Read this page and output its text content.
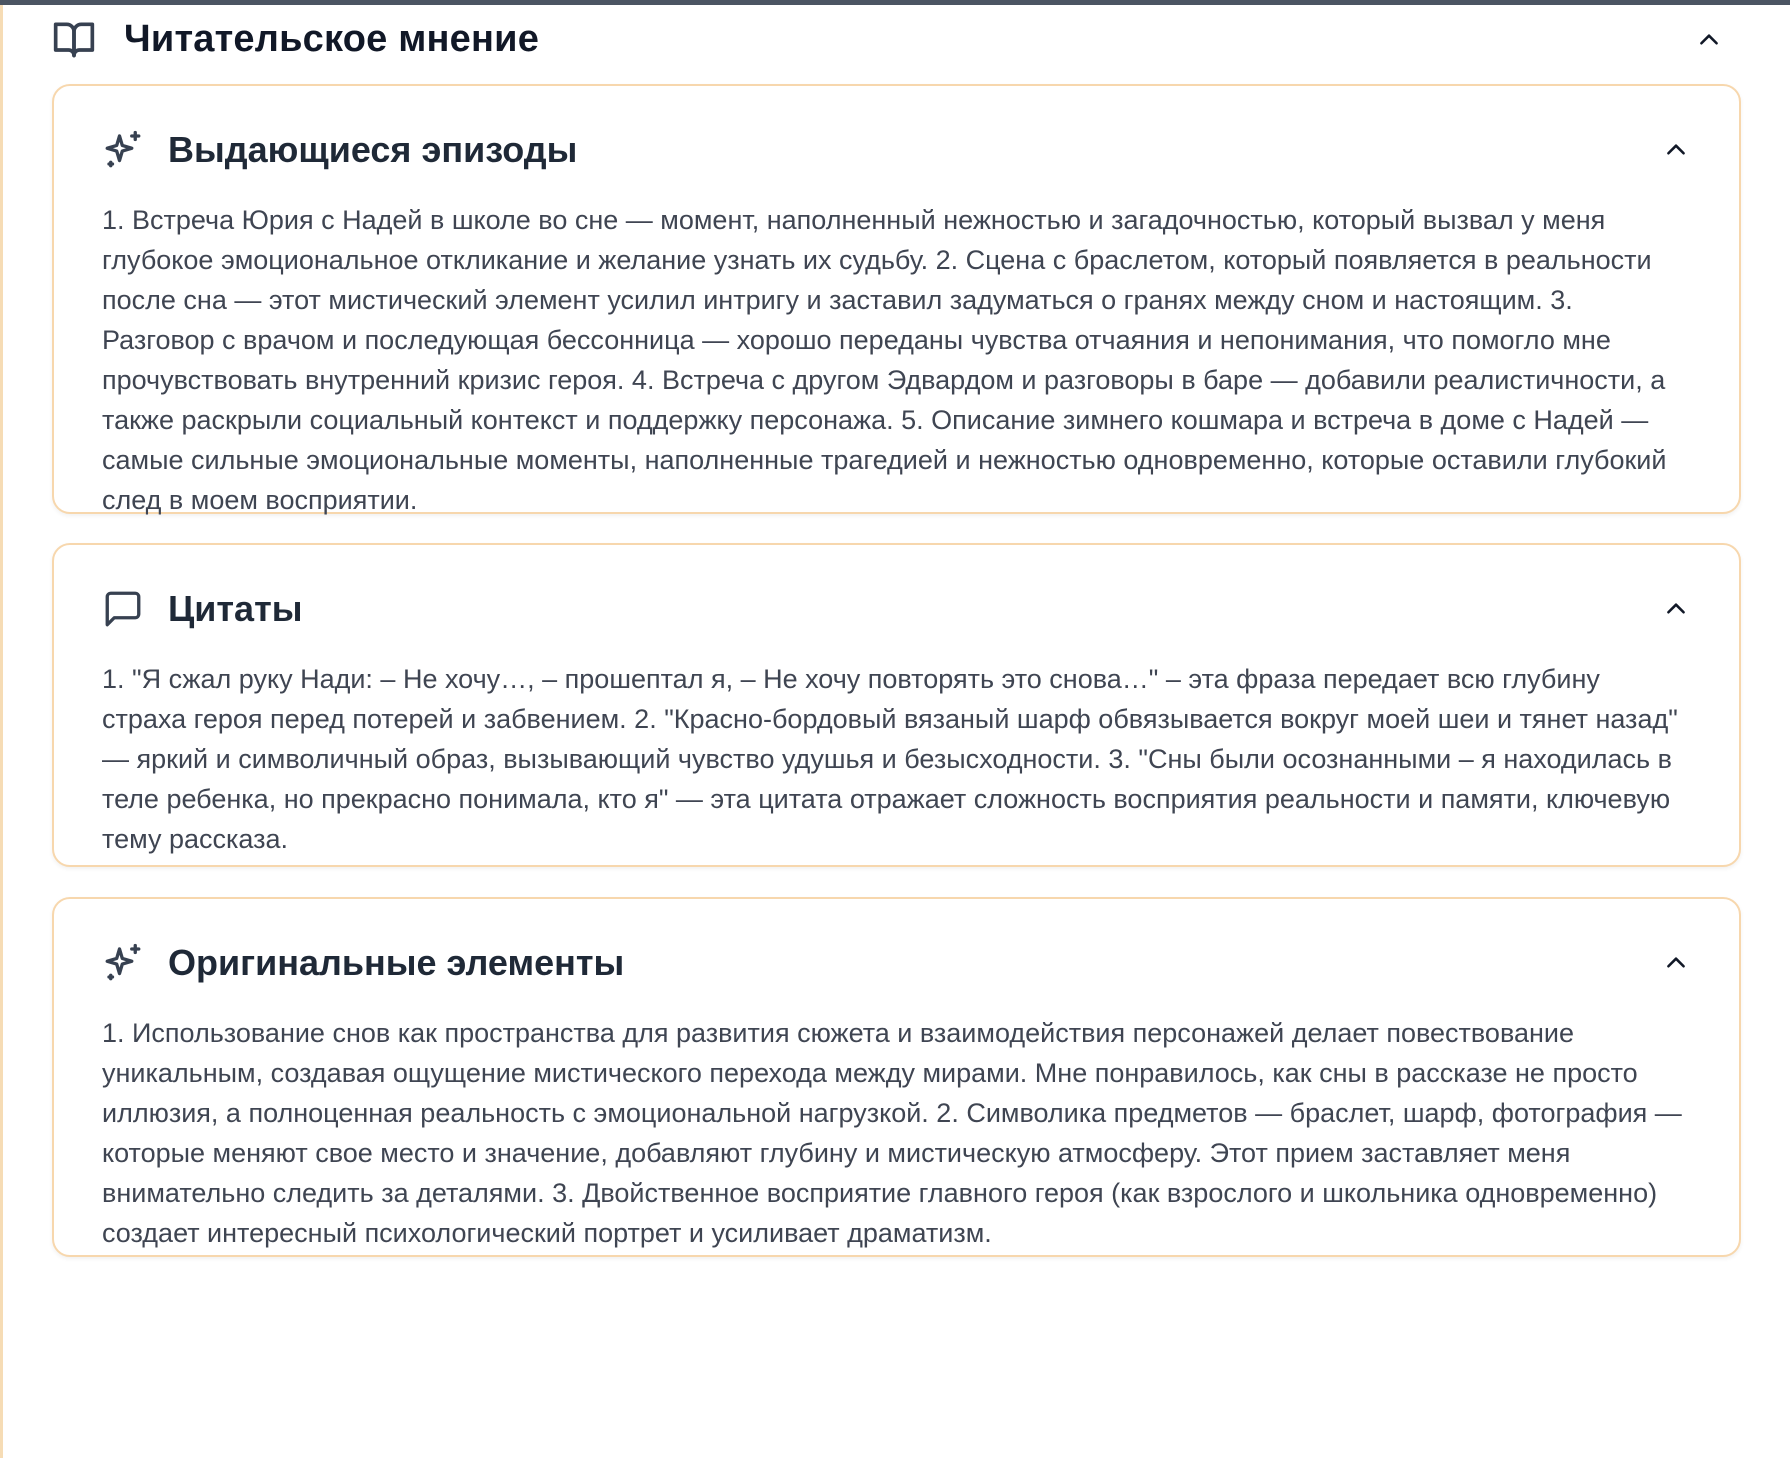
Читательское мнение
Выдающиеся эпизоды
1. Встреча Юрия с Надей в школе во сне — момент, наполненный нежностью и загадочностью, который вызвал у меня глубокое эмоциональное откликание и желание узнать их судьбу. 2. Сцена с браслетом, который появляется в реальности после сна — этот мистический элемент усилил интригу и заставил задуматься о гранях между сном и настоящим. 3. Разговор с врачом и последующая бессонница — хорошо переданы чувства отчаяния и непонимания, что помогло мне прочувствовать внутренний кризис героя. 4. Встреча с другом Эдвардом и разговоры в баре — добавили реалистичности, а также раскрыли социальный контекст и поддержку персонажа. 5. Описание зимнего кошмара и встреча в доме с Надей — самые сильные эмоциональные моменты, наполненные трагедией и нежностью одновременно, которые оставили глубокий след в моем восприятии.
Цитаты
1. "Я сжал руку Нади: – Не хочу…, – прошептал я, – Не хочу повторять это снова…" – эта фраза передает всю глубину страха героя перед потерей и забвением. 2. "Красно-бордовый вязаный шарф обвязывается вокруг моей шеи и тянет назад" — яркий и символичный образ, вызывающий чувство удушья и безысходности. 3. "Сны были осознанными – я находилась в теле ребенка, но прекрасно понимала, кто я" — эта цитата отражает сложность восприятия реальности и памяти, ключевую тему рассказа.
Оригинальные элементы
1. Использование снов как пространства для развития сюжета и взаимодействия персонажей делает повествование уникальным, создавая ощущение мистического перехода между мирами. Мне понравилось, как сны в рассказе не просто иллюзия, а полноценная реальность с эмоциональной нагрузкой. 2. Символика предметов — браслет, шарф, фотография — которые меняют свое место и значение, добавляют глубину и мистическую атмосферу. Этот прием заставляет меня внимательно следить за деталями. 3. Двойственное восприятие главного героя (как взрослого и школьника одновременно) создает интересный психологический портрет и усиливает драматизм.
